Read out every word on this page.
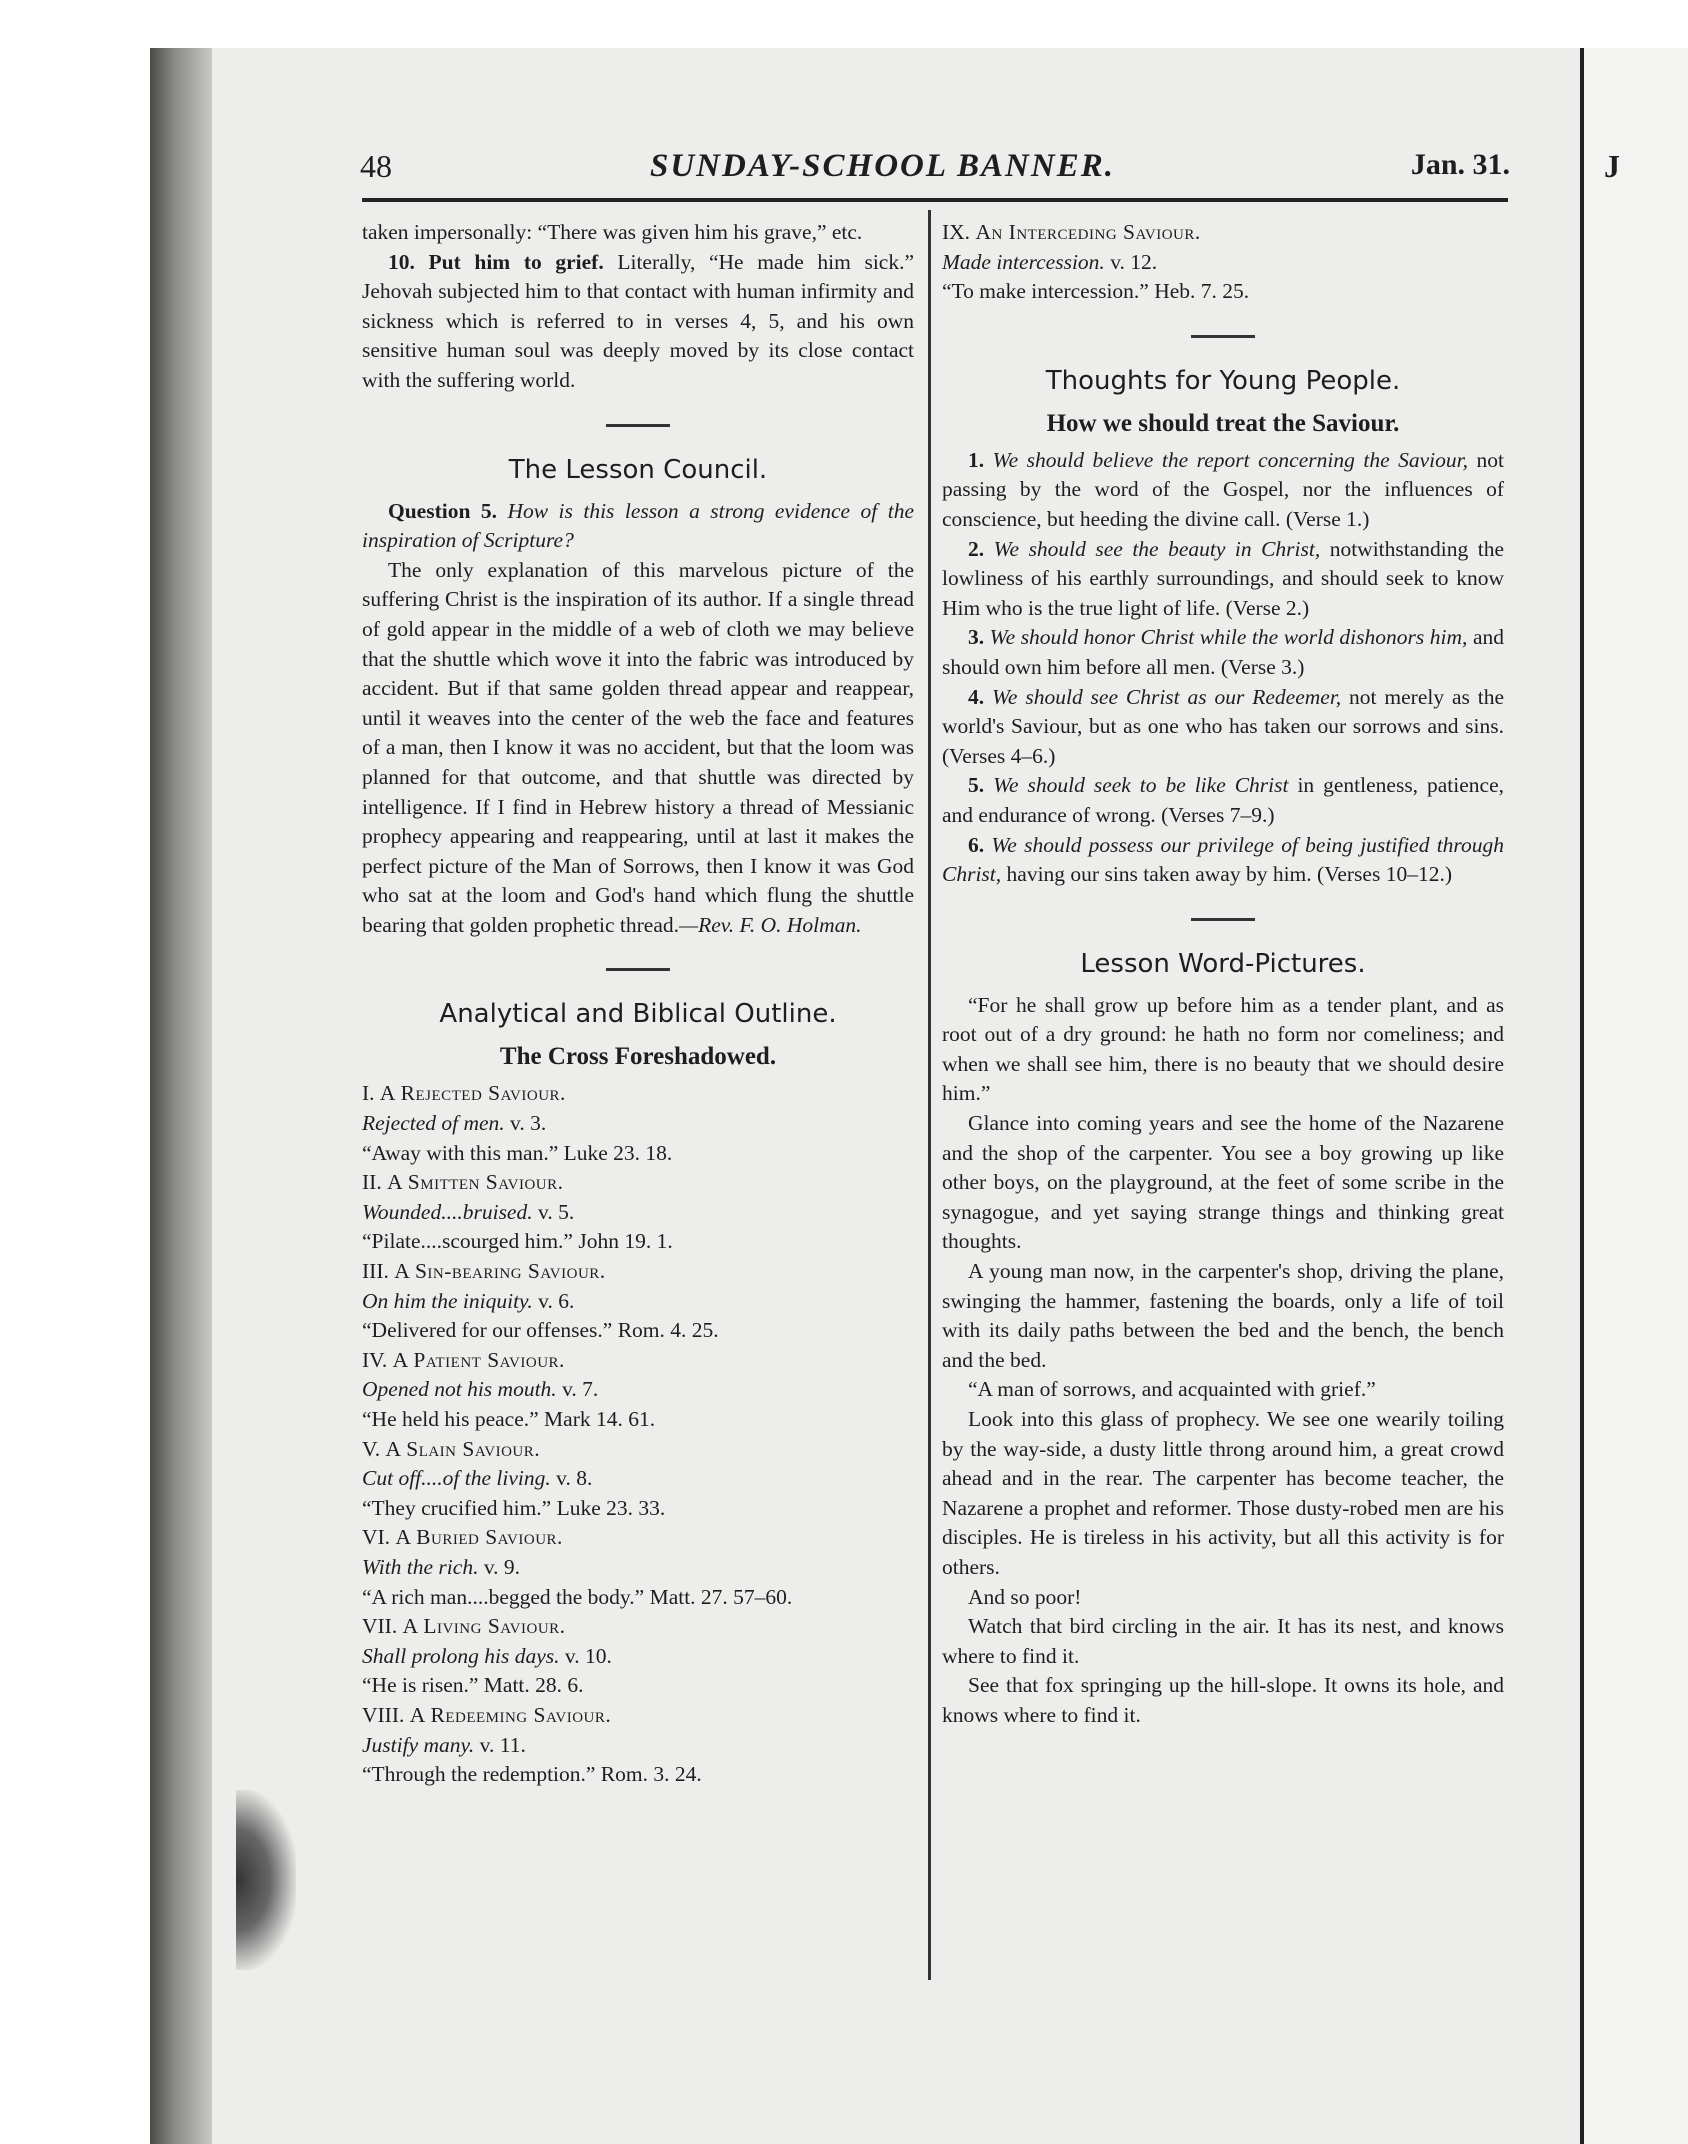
J
48	SUNDAY-SCHOOL BANNER.	Jan. 31.

taken impersonally: “There was given him his grave,” etc.

10. Put him to grief. Literally, “He made him sick.” Jehovah subjected him to that contact with human infirmity and sickness which is referred to in verses 4, 5, and his own sensitive human soul was deeply moved by its close contact with the suffering world.

The Lesson Council.

Question 5. How is this lesson a strong evidence of the inspiration of Scripture?

The only explanation of this marvelous picture of the suffering Christ is the inspiration of its author. If a single thread of gold appear in the middle of a web of cloth we may believe that the shuttle which wove it into the fabric was introduced by accident. But if that same golden thread appear and reappear, until it weaves into the center of the web the face and features of a man, then I know it was no accident, but that the loom was planned for that outcome, and that shuttle was directed by intelligence. If I find in Hebrew history a thread of Messianic prophecy appearing and reappearing, until at last it makes the perfect picture of the Man of Sorrows, then I know it was God who sat at the loom and God's hand which flung the shuttle bearing that golden prophetic thread.—Rev. F. O. Holman.

Analytical and Biblical Outline.
The Cross Foreshadowed.

I. A Rejected Saviour.

Rejected of men. v. 3.

“Away with this man.” Luke 23. 18.

II. A Smitten Saviour.

Wounded....bruised. v. 5.

“Pilate....scourged him.” John 19. 1.

III. A Sin-bearing Saviour.

On him the iniquity. v. 6.

“Delivered for our offenses.” Rom. 4. 25.

IV. A Patient Saviour.

Opened not his mouth. v. 7.

“He held his peace.” Mark 14. 61.

V. A Slain Saviour.

Cut off....of the living. v. 8.

“They crucified him.” Luke 23. 33.

VI. A Buried Saviour.

With the rich. v. 9.

“A rich man....begged the body.” Matt. 27. 57–60.

VII. A Living Saviour.

Shall prolong his days. v. 10.

“He is risen.” Matt. 28. 6.

VIII. A Redeeming Saviour.

Justify many. v. 11.

“Through the redemption.” Rom. 3. 24.

IX. An Interceding Saviour.

Made intercession. v. 12.

“To make intercession.” Heb. 7. 25.

Thoughts for Young People.
How we should treat the Saviour.

1. We should believe the report concerning the Saviour, not passing by the word of the Gospel, nor the influences of conscience, but heeding the divine call. (Verse 1.)

2. We should see the beauty in Christ, notwithstanding the lowliness of his earthly surroundings, and should seek to know Him who is the true light of life. (Verse 2.)

3. We should honor Christ while the world dishonors him, and should own him before all men. (Verse 3.)

4. We should see Christ as our Redeemer, not merely as the world's Saviour, but as one who has taken our sorrows and sins. (Verses 4–6.)

5. We should seek to be like Christ in gentleness, patience, and endurance of wrong. (Verses 7–9.)

6. We should possess our privilege of being justified through Christ, having our sins taken away by him. (Verses 10–12.)

Lesson Word-Pictures.

“For he shall grow up before him as a tender plant, and as root out of a dry ground: he hath no form nor comeliness; and when we shall see him, there is no beauty that we should desire him.”

Glance into coming years and see the home of the Nazarene and the shop of the carpenter. You see a boy growing up like other boys, on the playground, at the feet of some scribe in the synagogue, and yet saying strange things and thinking great thoughts.

A young man now, in the carpenter's shop, driving the plane, swinging the hammer, fastening the boards, only a life of toil with its daily paths between the bed and the bench, the bench and the bed.

“A man of sorrows, and acquainted with grief.”

Look into this glass of prophecy. We see one wearily toiling by the way-side, a dusty little throng around him, a great crowd ahead and in the rear. The carpenter has become teacher, the Nazarene a prophet and reformer. Those dusty-robed men are his disciples. He is tireless in his activity, but all this activity is for others.

And so poor!

Watch that bird circling in the air. It has its nest, and knows where to find it.

See that fox springing up the hill-slope. It owns its hole, and knows where to find it.
